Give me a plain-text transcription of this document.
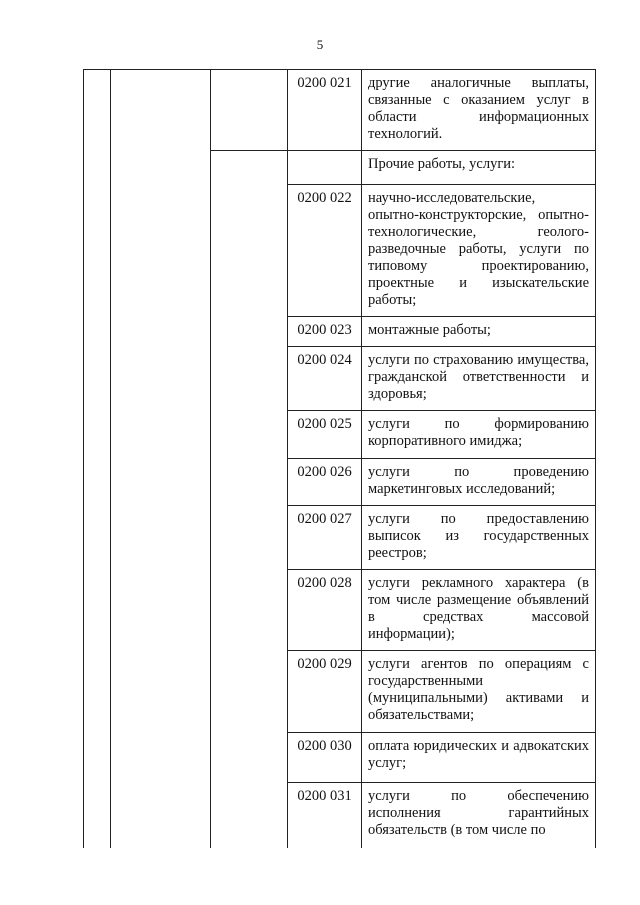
5
			0200 021	другие аналогичные выплаты, связанные с оказанием услуг в области информационных технологий.
				Прочие работы, услуги:
			0200 022	научно-исследовательские, опытно-конструкторские, опытно-технологические, геолого-разведочные работы, услуги по типовому проектированию, проектные и изыскательские работы;
			0200 023	монтажные работы;
			0200 024	услуги по страхованию имущества, гражданской ответственности и здоровья;
			0200 025	услуги по формированию корпоративного имиджа;
			0200 026	услуги по проведению маркетинговых исследований;
			0200 027	услуги по предоставлению выписок из государственных реестров;
			0200 028	услуги рекламного характера (в том числе размещение объявлений в средствах массовой информации);
			0200 029	услуги агентов по операциям с государственными (муниципальными) активами и обязательствами;
			0200 030	оплата юридических и адвокатских услуг;
			0200 031	услуги по обеспечению исполнения гарантийных обязательств (в том числе по
